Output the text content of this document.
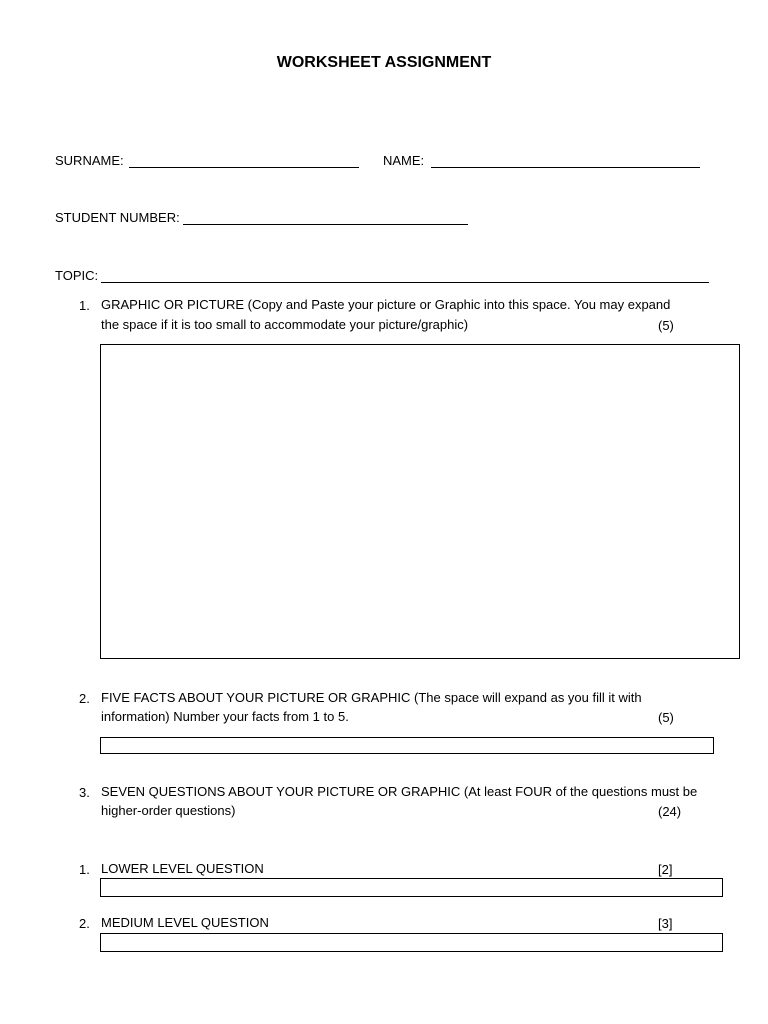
WORKSHEET ASSIGNMENT
SURNAME:	NAME:
STUDENT NUMBER:
TOPIC:
1. GRAPHIC OR PICTURE (Copy and Paste your picture or Graphic into this space. You may expand
the space if it is too small to accommodate your picture/graphic)	(5)
2. FIVE FACTS ABOUT YOUR PICTURE OR GRAPHIC (The space will expand as you fill it with
information) Number your facts from 1 to 5.	(5)
3. SEVEN QUESTIONS ABOUT YOUR PICTURE OR GRAPHIC (At least FOUR of the questions must be
higher-order questions)	(24)
1. LOWER LEVEL QUESTION	[2]
2. MEDIUM LEVEL QUESTION	[3]
